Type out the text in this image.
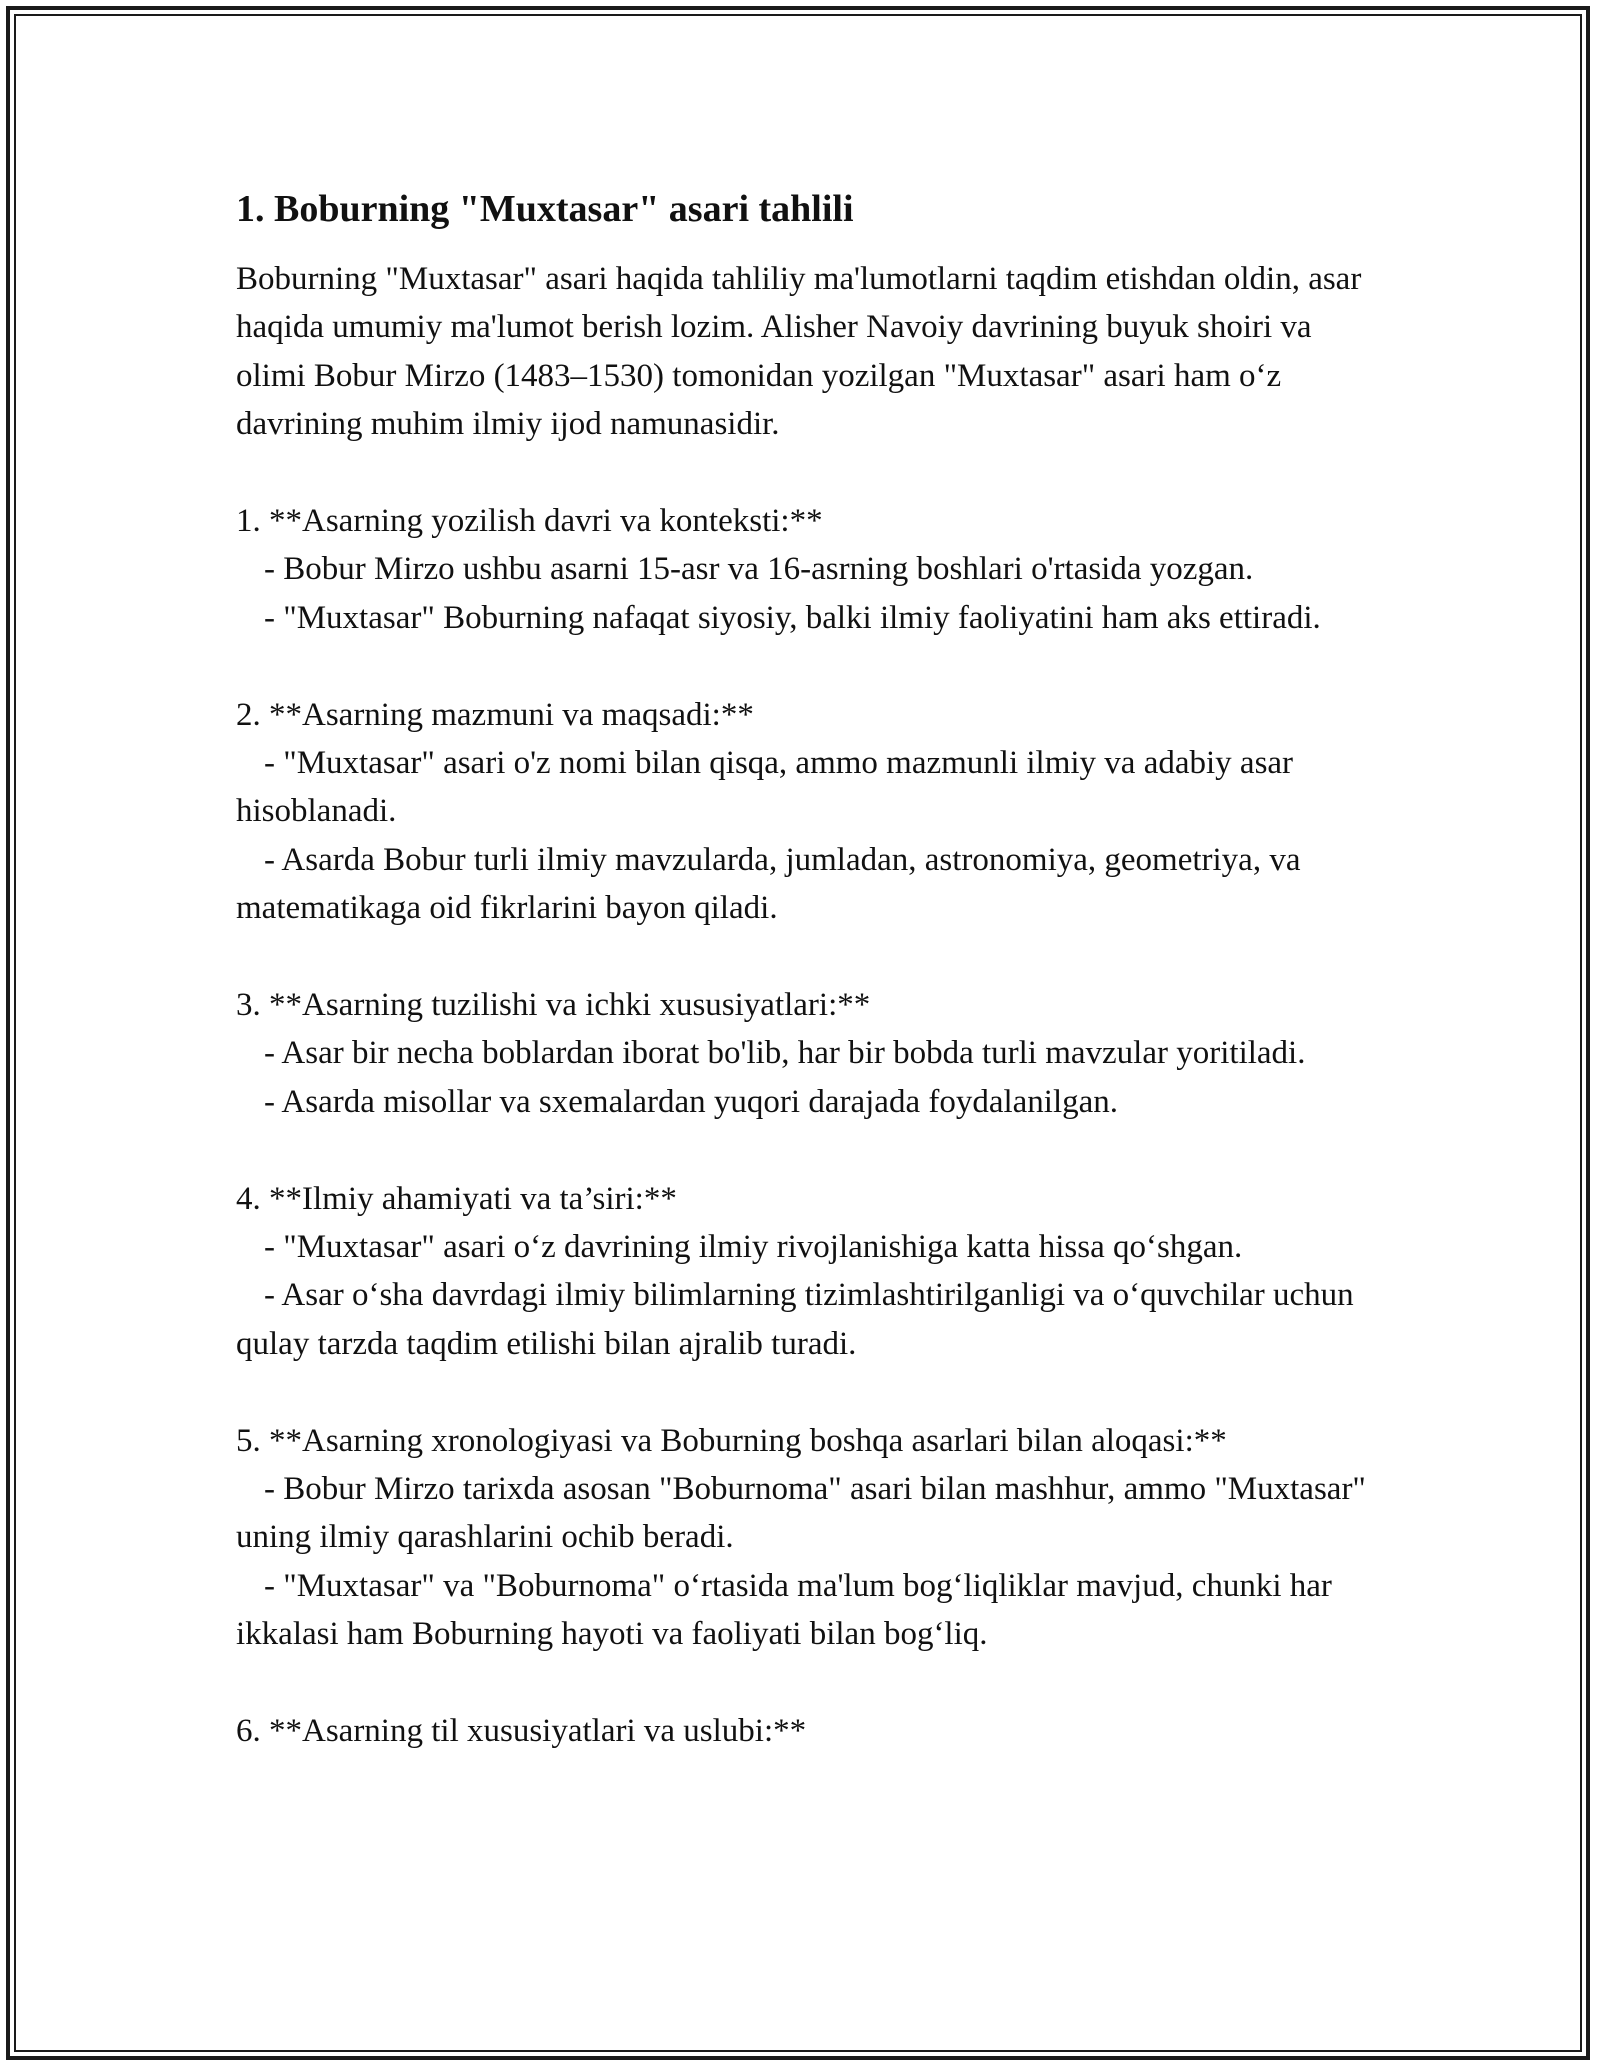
1. Boburning "Muxtasar" asari tahlili

Boburning "Muxtasar" asari haqida tahliliy ma'lumotlarni taqdim etishdan oldin, asar haqida umumiy ma'lumot berish lozim. Alisher Navoiy davrining buyuk shoiri va olimi Bobur Mirzo (1483–1530) tomonidan yozilgan "Muxtasar" asari ham o‘z davrining muhim ilmiy ijod namunasidir.

1. **Asarning yozilish davri va konteksti:**

- Bobur Mirzo ushbu asarni 15-asr va 16-asrning boshlari o'rtasida yozgan.

- "Muxtasar" Boburning nafaqat siyosiy, balki ilmiy faoliyatini ham aks ettiradi.

2. **Asarning mazmuni va maqsadi:**

- "Muxtasar" asari o'z nomi bilan qisqa, ammo mazmunli ilmiy va adabiy asar hisoblanadi.

- Asarda Bobur turli ilmiy mavzularda, jumladan, astronomiya, geometriya, va matematikaga oid fikrlarini bayon qiladi.

3. **Asarning tuzilishi va ichki xususiyatlari:**

- Asar bir necha boblardan iborat bo'lib, har bir bobda turli mavzular yoritiladi.

- Asarda misollar va sxemalardan yuqori darajada foydalanilgan.

4. **Ilmiy ahamiyati va ta’siri:**

- "Muxtasar" asari o‘z davrining ilmiy rivojlanishiga katta hissa qo‘shgan.

- Asar o‘sha davrdagi ilmiy bilimlarning tizimlashtirilganligi va o‘quvchilar uchun qulay tarzda taqdim etilishi bilan ajralib turadi.

5. **Asarning xronologiyasi va Boburning boshqa asarlari bilan aloqasi:**

- Bobur Mirzo tarixda asosan "Boburnoma" asari bilan mashhur, ammo "Muxtasar" uning ilmiy qarashlarini ochib beradi.

- "Muxtasar" va "Boburnoma" o‘rtasida ma'lum bog‘liqliklar mavjud, chunki har ikkalasi ham Boburning hayoti va faoliyati bilan bog‘liq.

6. **Asarning til xususiyatlari va uslubi:**
